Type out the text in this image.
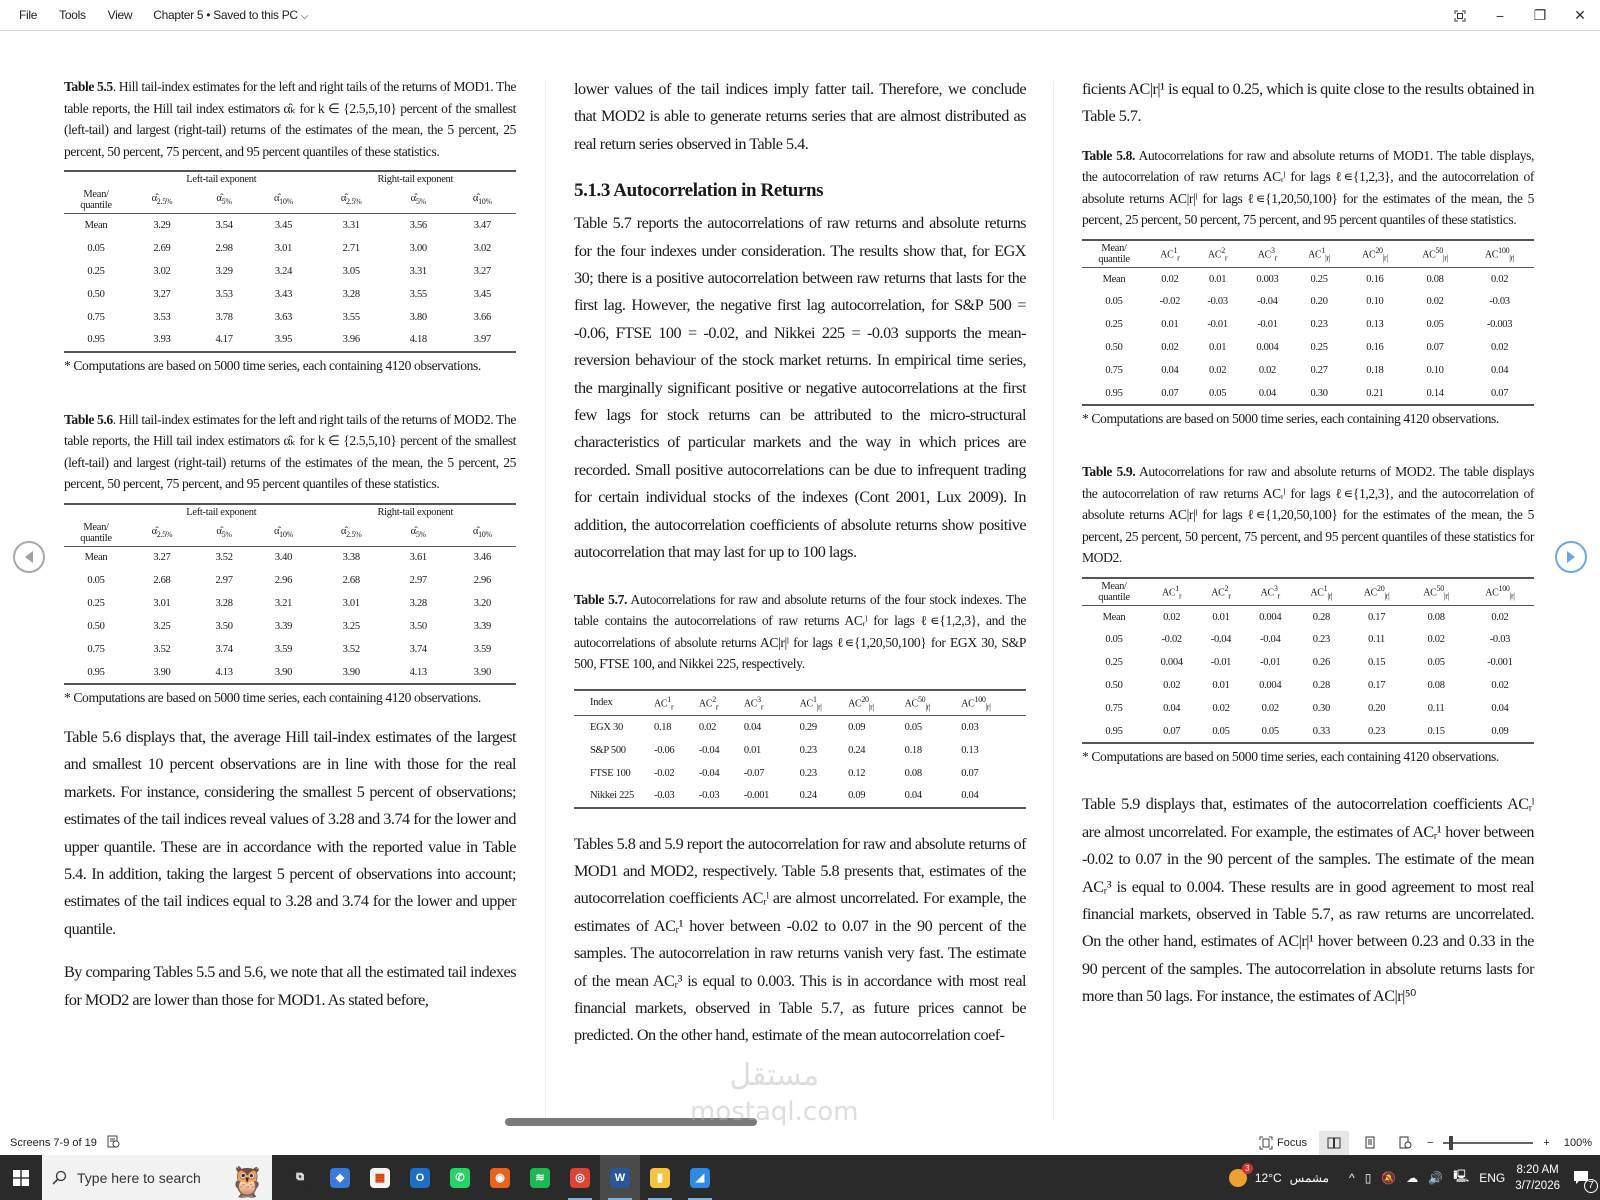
File	Tools	View	Chapter 5 • Saved to this PC ⌵	−	❐	✕

Table 5.5. Hill tail-index estimates for the left and right tails of the returns of MOD1. The table reports, the Hill tail index estimators α̂ₖ for k ∈ {2.5,5,10} percent of the smallest (left-tail) and largest (right-tail) returns of the estimates of the mean, the 5 percent, 25 percent, 50 percent, 75 percent, and 95 percent quantiles of these statistics.

	Left-tail exponent			Right-tail exponent		
Mean/
quantile	$\alphâ_{2.5\%}$	$\alphâ_{5\%}$	$\alphâ_{10\%}$	$\alphâ_{2.5\%}$	$\alphâ_{5\%}$	$\alphâ_{10\%}$
Mean	3.29	3.54	3.45	3.31	3.56	3.47
0.05	2.69	2.98	3.01	2.71	3.00	3.02
0.25	3.02	3.29	3.24	3.05	3.31	3.27
0.50	3.27	3.53	3.43	3.28	3.55	3.45
0.75	3.53	3.78	3.63	3.55	3.80	3.66
0.95	3.93	4.17	3.95	3.96	4.18	3.97

* Computations are based on 5000 time series, each containing 4120 observations.

Table 5.6. Hill tail-index estimates for the left and right tails of the returns of MOD2. The table reports, the Hill tail index estimators α̂ₖ for k ∈ {2.5,5,10} percent of the smallest (left-tail) and largest (right-tail) returns of the estimates of the mean, the 5 percent, 25 percent, 50 percent, 75 percent, and 95 percent quantiles of these statistics.

	Left-tail exponent			Right-tail exponent		
Mean/
quantile	$\alphâ_{2.5\%}$	$\alphâ_{5\%}$	$\alphâ_{10\%}$	$\alphâ_{2.5\%}$	$\alphâ_{5\%}$	$\alphâ_{10\%}$
Mean	3.27	3.52	3.40	3.38	3.61	3.46
0.05	2.68	2.97	2.96	2.68	2.97	2.96
0.25	3.01	3.28	3.21	3.01	3.28	3.20
0.50	3.25	3.50	3.39	3.25	3.50	3.39
0.75	3.52	3.74	3.59	3.52	3.74	3.59
0.95	3.90	4.13	3.90	3.90	4.13	3.90

* Computations are based on 5000 time series, each containing 4120 observations.

Table 5.6 displays that, the average Hill tail-index estimates of the largest and smallest 10 percent observations are in line with those for the real markets. For instance, considering the smallest 5 percent of observations; estimates of the tail indices reveal values of 3.28 and 3.74 for the lower and upper quantile. These are in accordance with the reported value in Table 5.4. In addition, taking the largest 5 percent of observations into account; estimates of the tail indices equal to 3.28 and 3.74 for the lower and upper quantile.

By comparing Tables 5.5 and 5.6, we note that all the estimated tail indexes for MOD2 are lower than those for MOD1. As stated before,

lower values of the tail indices imply fatter tail. Therefore, we conclude that MOD2 is able to generate returns series that are almost distributed as real return series observed in Table 5.4.

5.1.3 Autocorrelation in Returns

Table 5.7 reports the autocorrelations of raw returns and absolute returns for the four indexes under consideration. The results show that, for EGX 30; there is a positive autocorrelation between raw returns that lasts for the first lag. However, the negative first lag autocorrelation, for S&P 500 = -0.06, FTSE 100 = -0.02, and Nikkei 225 = -0.03 supports the mean-reversion behaviour of the stock market returns. In empirical time series, the marginally significant positive or negative autocorrelations at the first few lags for stock returns can be attributed to the micro-structural characteristics of particular markets and the way in which prices are recorded. Small positive autocorrelations can be due to infrequent trading for certain individual stocks of the indexes (Cont 2001, Lux 2009). In addition, the autocorrelation coefficients of absolute returns show positive autocorrelation that may last for up to 100 lags.

Table 5.7. Autocorrelations for raw and absolute returns of the four stock indexes. The table contains the autocorrelations of raw returns ACᵣˡ for lags ℓ∊{1,2,3}, and the autocorrelations of absolute returns AC|r|ˡ for lags ℓ∊{1,20,50,100} for EGX 30, S&P 500, FTSE 100, and Nikkei 225, respectively.

Index	$AC^1_r$	$AC^2_r$	$AC^3_r$	$AC^1_{|r|}$	$AC^{20}_{|r|}$	$AC^{50}_{|r|}$	$AC^{100}_{|r|}$
EGX 30	0.18	0.02	0.04	0.29	0.09	0.05	0.03
S&P 500	-0.06	-0.04	0.01	0.23	0.24	0.18	0.13
FTSE 100	-0.02	-0.04	-0.07	0.23	0.12	0.08	0.07
Nikkei 225	-0.03	-0.03	-0.001	0.24	0.09	0.04	0.04

Tables 5.8 and 5.9 report the autocorrelation for raw and absolute returns of MOD1 and MOD2, respectively. Table 5.8 presents that, estimates of the autocorrelation coefficients ACᵣˡ are almost uncorrelated. For example, the estimates of ACᵣ¹ hover between -0.02 to 0.07 in the 90 percent of the samples. The autocorrelation in raw returns vanish very fast. The estimate of the mean ACᵣ³ is equal to 0.003. This is in accordance with most real financial markets, observed in Table 5.7, as future prices cannot be predicted. On the other hand, estimate of the mean autocorrelation coef-

ficients AC|r|¹ is equal to 0.25, which is quite close to the results obtained in Table 5.7.

Table 5.8. Autocorrelations for raw and absolute returns of MOD1. The table displays, the autocorrelation of raw returns ACᵣˡ for lags ℓ∊{1,2,3}, and the autocorrelation of absolute returns AC|r|ˡ for lags ℓ∊{1,20,50,100} for the estimates of the mean, the 5 percent, 25 percent, 50 percent, 75 percent, and 95 percent quantiles of these statistics.

Mean/
quantile	$AC^1_r$	$AC^2_r$	$AC^3_r$	$AC^1_{|r|}$	$AC^{20}_{|r|}$	$AC^{50}_{|r|}$	$AC^{100}_{|r|}$
Mean	0.02	0.01	0.003	0.25	0.16	0.08	0.02
0.05	-0.02	-0.03	-0.04	0.20	0.10	0.02	-0.03
0.25	0.01	-0.01	-0.01	0.23	0.13	0.05	-0.003
0.50	0.02	0.01	0.004	0.25	0.16	0.07	0.02
0.75	0.04	0.02	0.02	0.27	0.18	0.10	0.04
0.95	0.07	0.05	0.04	0.30	0.21	0.14	0.07

* Computations are based on 5000 time series, each containing 4120 observations.

Table 5.9. Autocorrelations for raw and absolute returns of MOD2. The table displays the autocorrelation of raw returns ACᵣˡ for lags ℓ∊{1,2,3}, and the autocorrelation of absolute returns AC|r|ˡ for lags ℓ∊{1,20,50,100} for the estimates of the mean, the 5 percent, 25 percent, 50 percent, 75 percent, and 95 percent quantiles of these statistics for MOD2.

Mean/
quantile	$AC^1_r$	$AC^2_r$	$AC^3_r$	$AC^1_{|r|}$	$AC^{20}_{|r|}$	$AC^{50}_{|r|}$	$AC^{100}_{|r|}$
Mean	0.02	0.01	0.004	0.28	0.17	0.08	0.02
0.05	-0.02	-0.04	-0.04	0.23	0.11	0.02	-0.03
0.25	0.004	-0.01	-0.01	0.26	0.15	0.05	-0.001
0.50	0.02	0.01	0.004	0.28	0.17	0.08	0.02
0.75	0.04	0.02	0.02	0.30	0.20	0.11	0.04
0.95	0.07	0.05	0.05	0.33	0.23	0.15	0.09

* Computations are based on 5000 time series, each containing 4120 observations.

Table 5.9 displays that, estimates of the autocorrelation coefficients ACᵣˡ are almost uncorrelated. For example, the estimates of ACᵣ¹ hover between -0.02 to 0.07 in the 90 percent of the samples. The estimate of the mean ACᵣ³ is equal to 0.004. These results are in good agreement to most real financial markets, observed in Table 5.7, as raw returns are uncorrelated. On the other hand, estimates of AC|r|¹ hover between 0.23 and 0.33 in the 90 percent of the samples. The autocorrelation in absolute returns lasts for more than 50 lags. For instance, the estimates of AC|r|⁵⁰

مستقل
mostaql.com
Screens 7-9 of 19	Focus	−	+ 100%
Type here to search 🦉	⧉	◆	▦	O	✆	◉	≋	◎	W	▮	◢
3
12°C مشمس ^ ▯ 🔕 ☁ 🔊 🖳 ENG
8:20 AM
3/7/2026	7
